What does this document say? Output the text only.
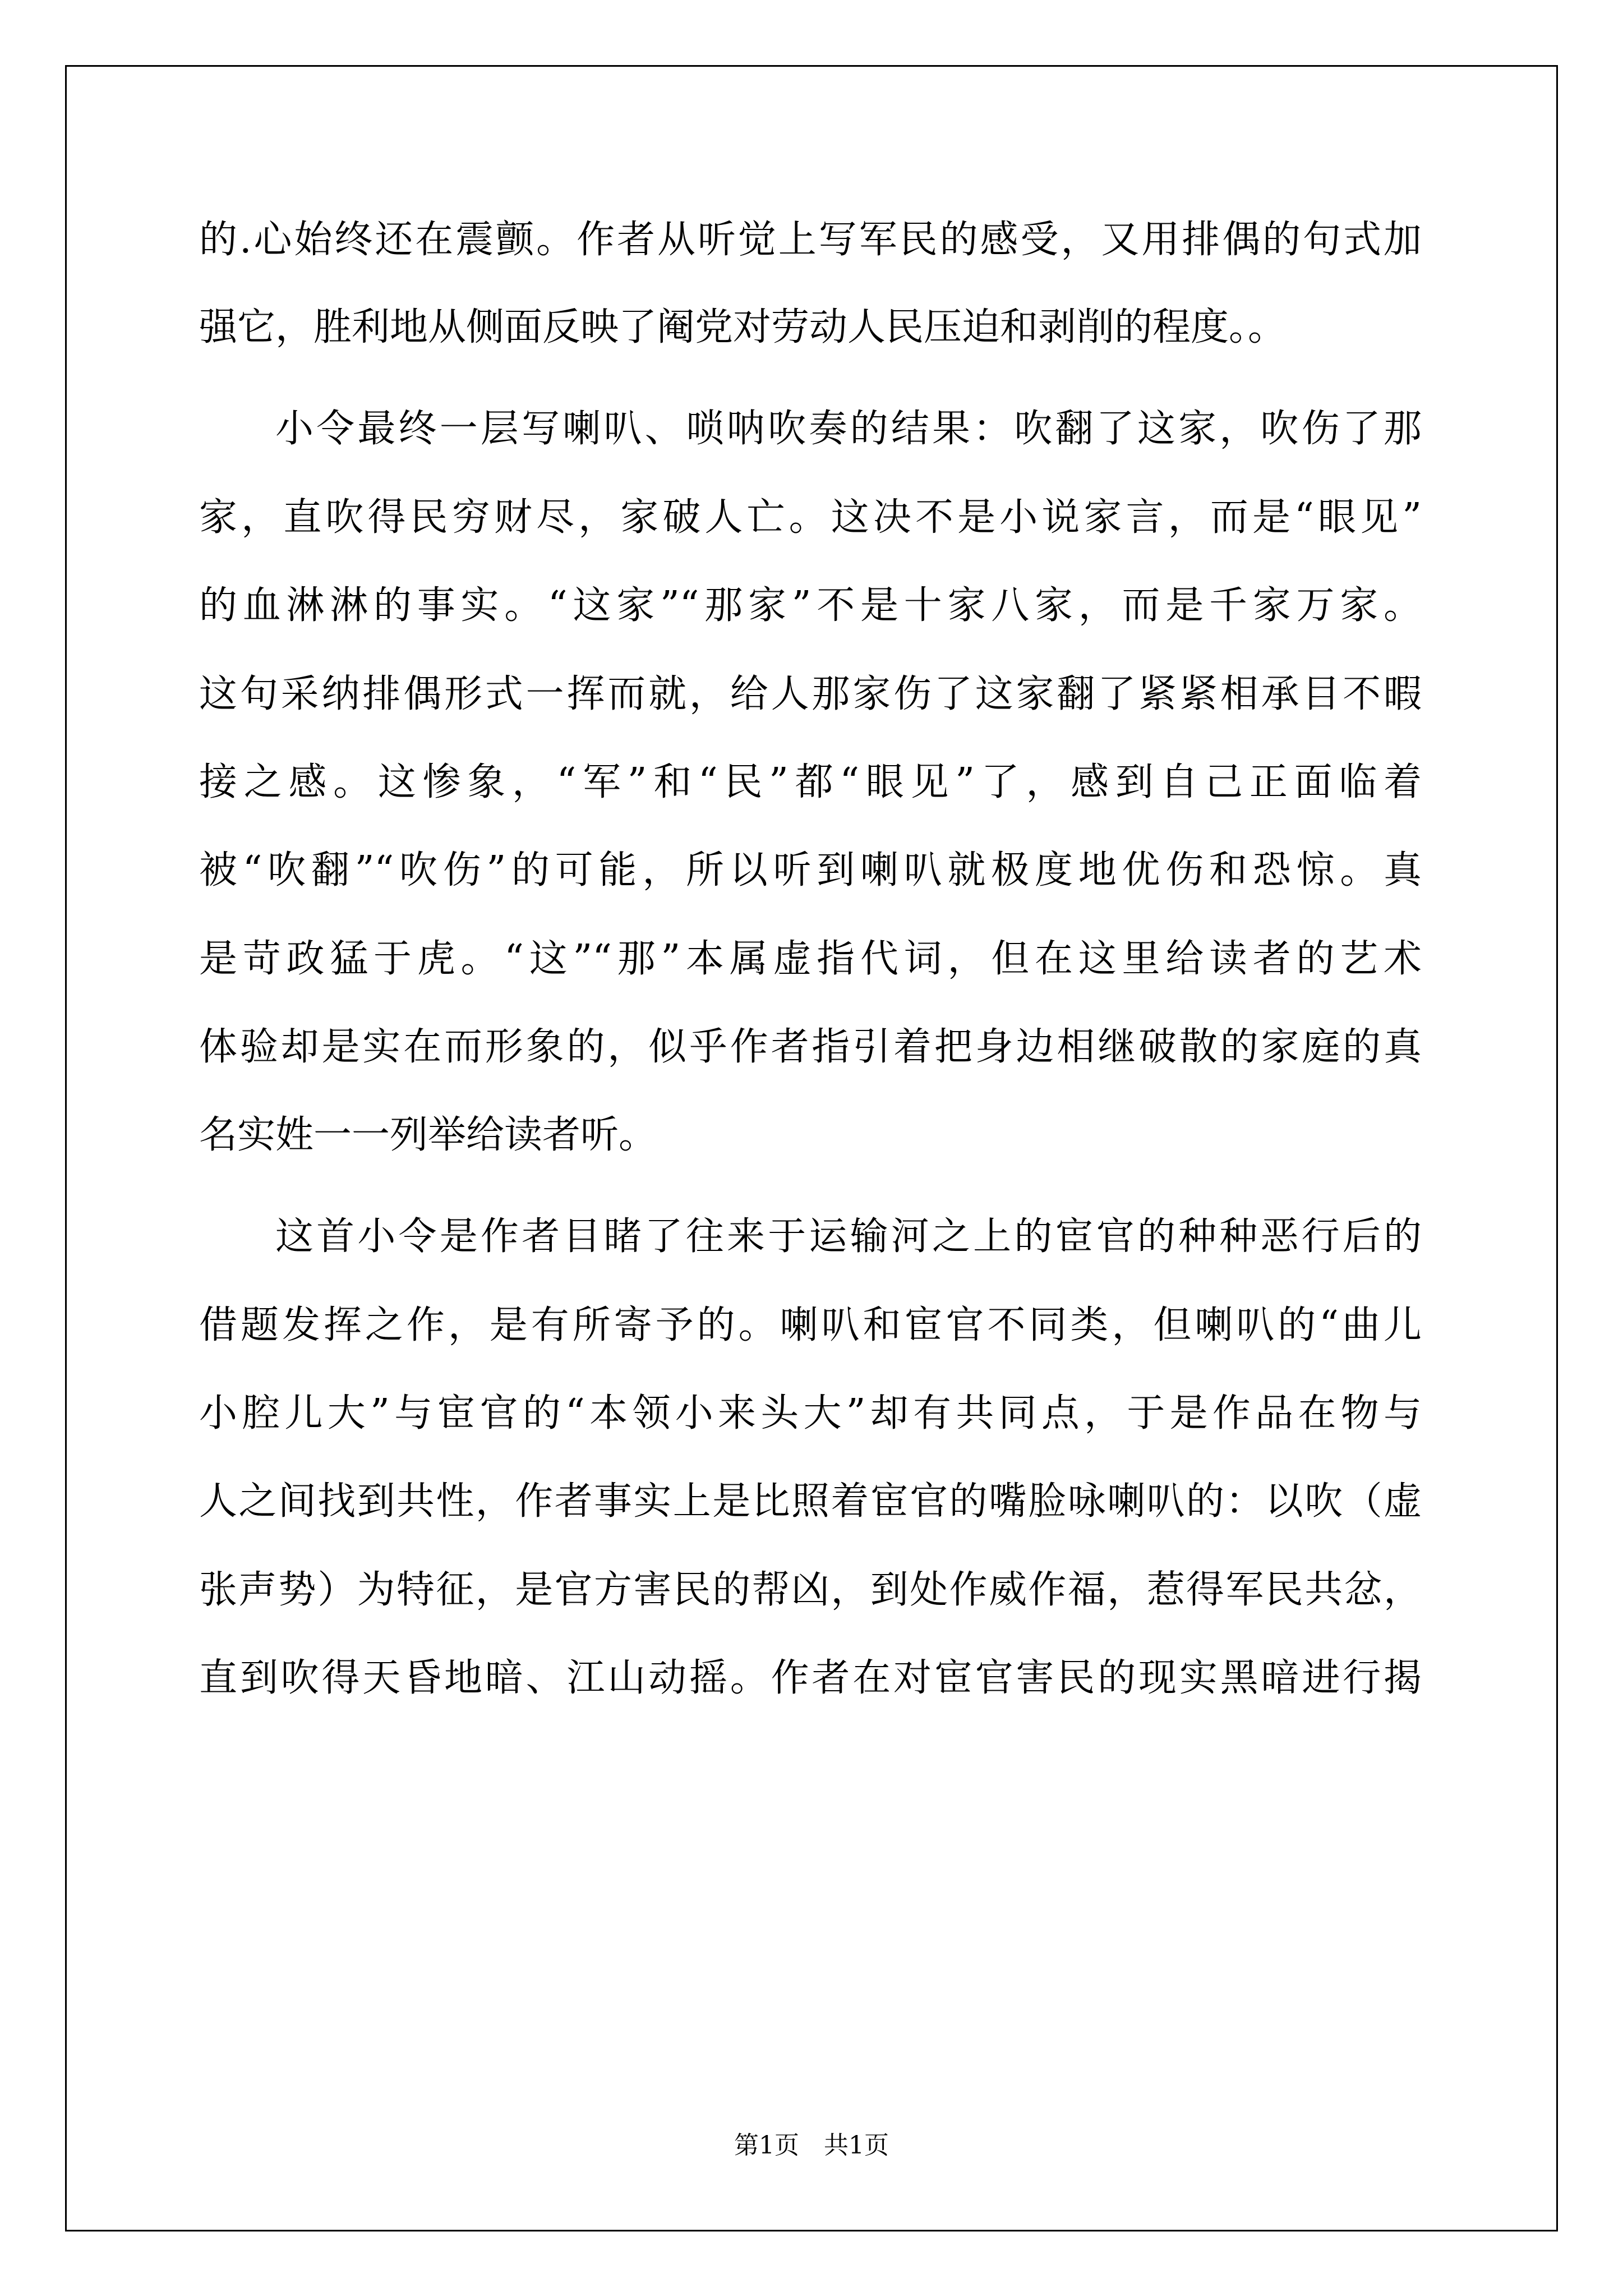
的.心始终还在震颤。作者从听觉上写军民的感受，又用排偶的句式加
强它，胜利地从侧面反映了阉党对劳动人民压迫和剥削的程度。。
小令最终一层写喇叭、唢呐吹奏的结果：吹翻了这家，吹伤了那
家，直吹得民穷财尽，家破人亡。这决不是小说家言，而是“眼见”
的血淋淋的事实。“这家”“那家”不是十家八家，而是千家万家。
这句采纳排偶形式一挥而就，给人那家伤了这家翻了紧紧相承目不暇
接之感。这惨象，“军”和“民”都“眼见”了，感到自己正面临着
被“吹翻”“吹伤”的可能，所以听到喇叭就极度地优伤和恐惊。真
是苛政猛于虎。“这”“那”本属虚指代词，但在这里给读者的艺术
体验却是实在而形象的，似乎作者指引着把身边相继破散的家庭的真
名实姓一一列举给读者听。
这首小令是作者目睹了往来于运输河之上的宦官的种种恶行后的
借题发挥之作，是有所寄予的。喇叭和宦官不同类，但喇叭的“曲儿
小腔儿大”与宦官的“本领小来头大”却有共同点，于是作品在物与
人之间找到共性，作者事实上是比照着宦官的嘴脸咏喇叭的：以吹（虚
张声势）为特征，是官方害民的帮凶，到处作威作福，惹得军民共忿，
直到吹得天昏地暗、江山动摇。作者在对宦官害民的现实黑暗进行揭
第1页　共1页
